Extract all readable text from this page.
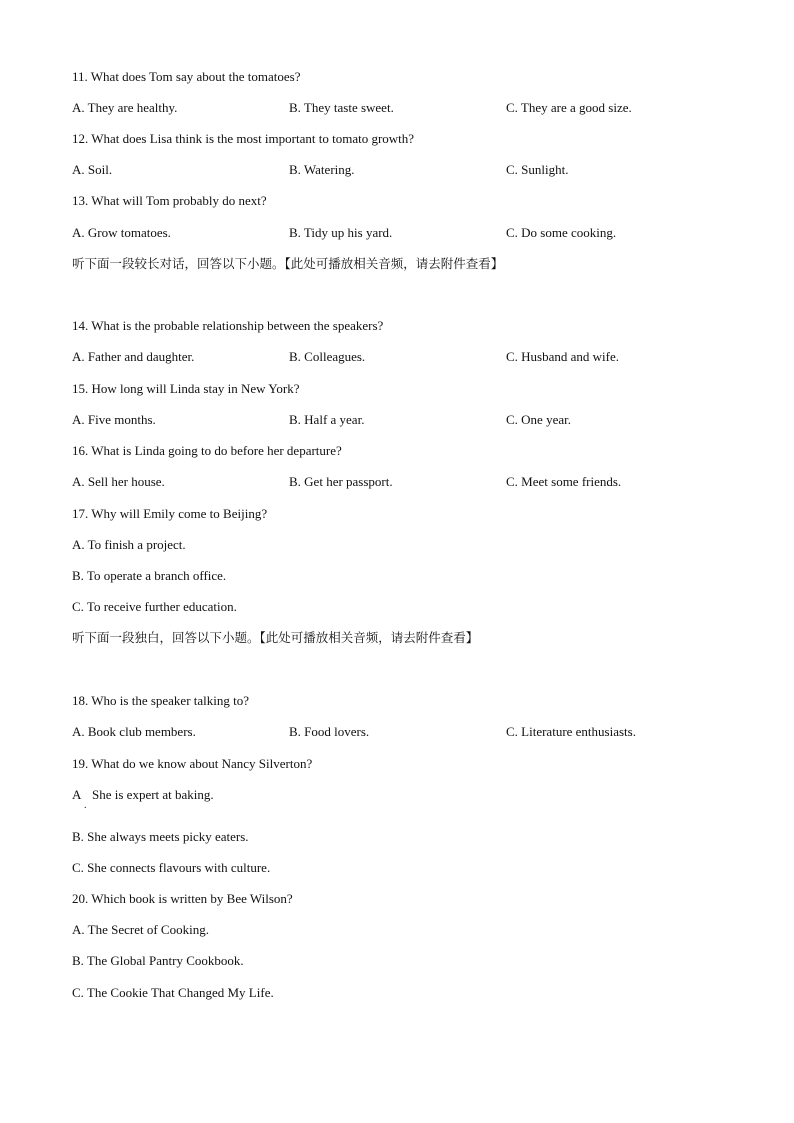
11. What does Tom say about the tomatoes?
A. They are healthy.	B. They taste sweet.	C. They are a good size.
12. What does Lisa think is the most important to tomato growth?
A. Soil.	B. Watering.	C. Sunlight.
13. What will Tom probably do next?
A. Grow tomatoes.	B. Tidy up his yard.	C. Do some cooking.
听下面一段较长对话，回答以下小题。【此处可播放相关音频，请去附件查看】
14. What is the probable relationship between the speakers?
A. Father and daughter.	B. Colleagues.	C. Husband and wife.
15. How long will Linda stay in New York?
A. Five months.	B. Half a year.	C. One year.
16. What is Linda going to do before her departure?
A. Sell her house.	B. Get her passport.	C. Meet some friends.
17. Why will Emily come to Beijing?
A. To finish a project.
B. To operate a branch office.
C. To receive further education.
听下面一段独白，回答以下小题。【此处可播放相关音频，请去附件查看】
18. Who is the speaker talking to?
A. Book club members.	B. Food lovers.	C. Literature enthusiasts.
19. What do we know about Nancy Silverton?
A
.
She is expert at baking.
B. She always meets picky eaters.
C. She connects flavours with culture.
20. Which book is written by Bee Wilson?
A. The Secret of Cooking.
B. The Global Pantry Cookbook.
C. The Cookie That Changed My Life.
